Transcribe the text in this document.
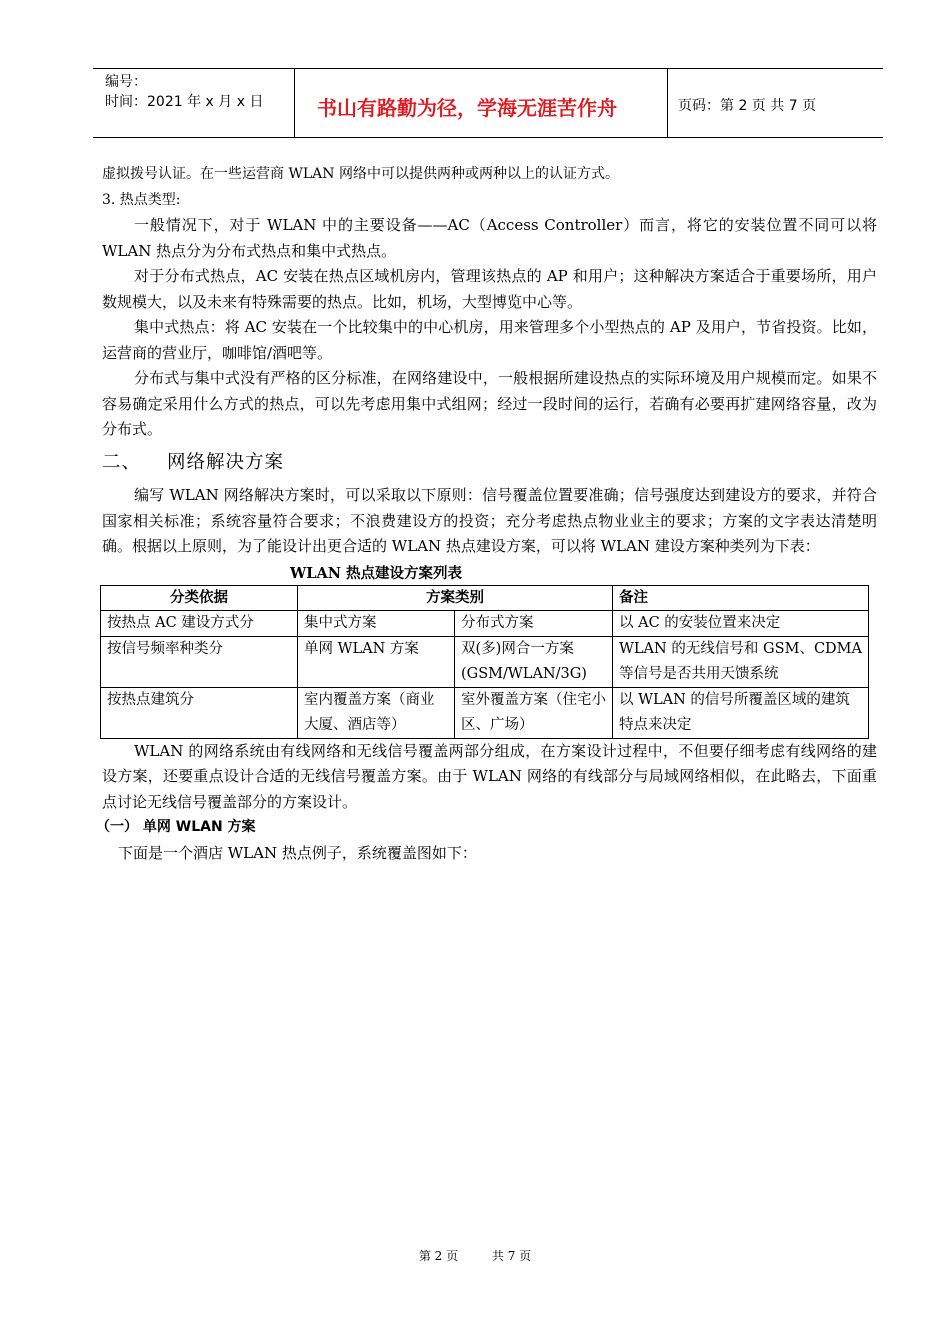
编号：
时间：2021 年 x 月 x 日	书山有路勤为径，学海无涯苦作舟	页码：第 2 页 共 7 页

虚拟拨号认证。在一些运营商 WLAN 网络中可以提供两种或两种以上的认证方式。

3. 热点类型:

一般情况下，对于 WLAN 中的主要设备——AC（Access Controller）而言，将它的安装位置不同可以将 WLAN 热点分为分布式热点和集中式热点。

对于分布式热点，AC 安装在热点区域机房内，管理该热点的 AP 和用户；这种解决方案适合于重要场所，用户数规模大，以及未来有特殊需要的热点。比如，机场，大型博览中心等。

集中式热点：将 AC 安装在一个比较集中的中心机房，用来管理多个小型热点的 AP 及用户，节省投资。比如，运营商的营业厅，咖啡馆/酒吧等。

分布式与集中式没有严格的区分标准，在网络建设中，一般根据所建设热点的实际环境及用户规模而定。如果不容易确定采用什么方式的热点，可以先考虑用集中式组网；经过一段时间的运行，若确有必要再扩建网络容量，改为分布式。

二、 网络解决方案

编写 WLAN 网络解决方案时，可以采取以下原则：信号覆盖位置要准确；信号强度达到建设方的要求，并符合国家相关标准；系统容量符合要求；不浪费建设方的投资；充分考虑热点物业业主的要求；方案的文字表达清楚明确。根据以上原则，为了能设计出更合适的 WLAN 热点建设方案，可以将 WLAN 建设方案种类列为下表：

WLAN 热点建设方案列表

分类依据	方案类别		备注
按热点 AC 建设方式分	集中式方案	分布式方案	以 AC 的安装位置来决定
按信号频率种类分	单网 WLAN 方案	双(多)网合一方案(GSM/WLAN/3G)	WLAN 的无线信号和 GSM、CDMA 等信号是否共用天馈系统
按热点建筑分	室内覆盖方案（商业大厦、酒店等）	室外覆盖方案（住宅小区、广场）	以 WLAN 的信号所覆盖区域的建筑特点来决定

WLAN 的网络系统由有线网络和无线信号覆盖两部分组成，在方案设计过程中，不但要仔细考虑有线网络的建设方案，还要重点设计合适的无线信号覆盖方案。由于 WLAN 网络的有线部分与局域网络相似，在此略去，下面重点讨论无线信号覆盖部分的方案设计。

（一） 单网 WLAN 方案

下面是一个酒店 WLAN 热点例子，系统覆盖图如下：

第 2 页	共 7 页
